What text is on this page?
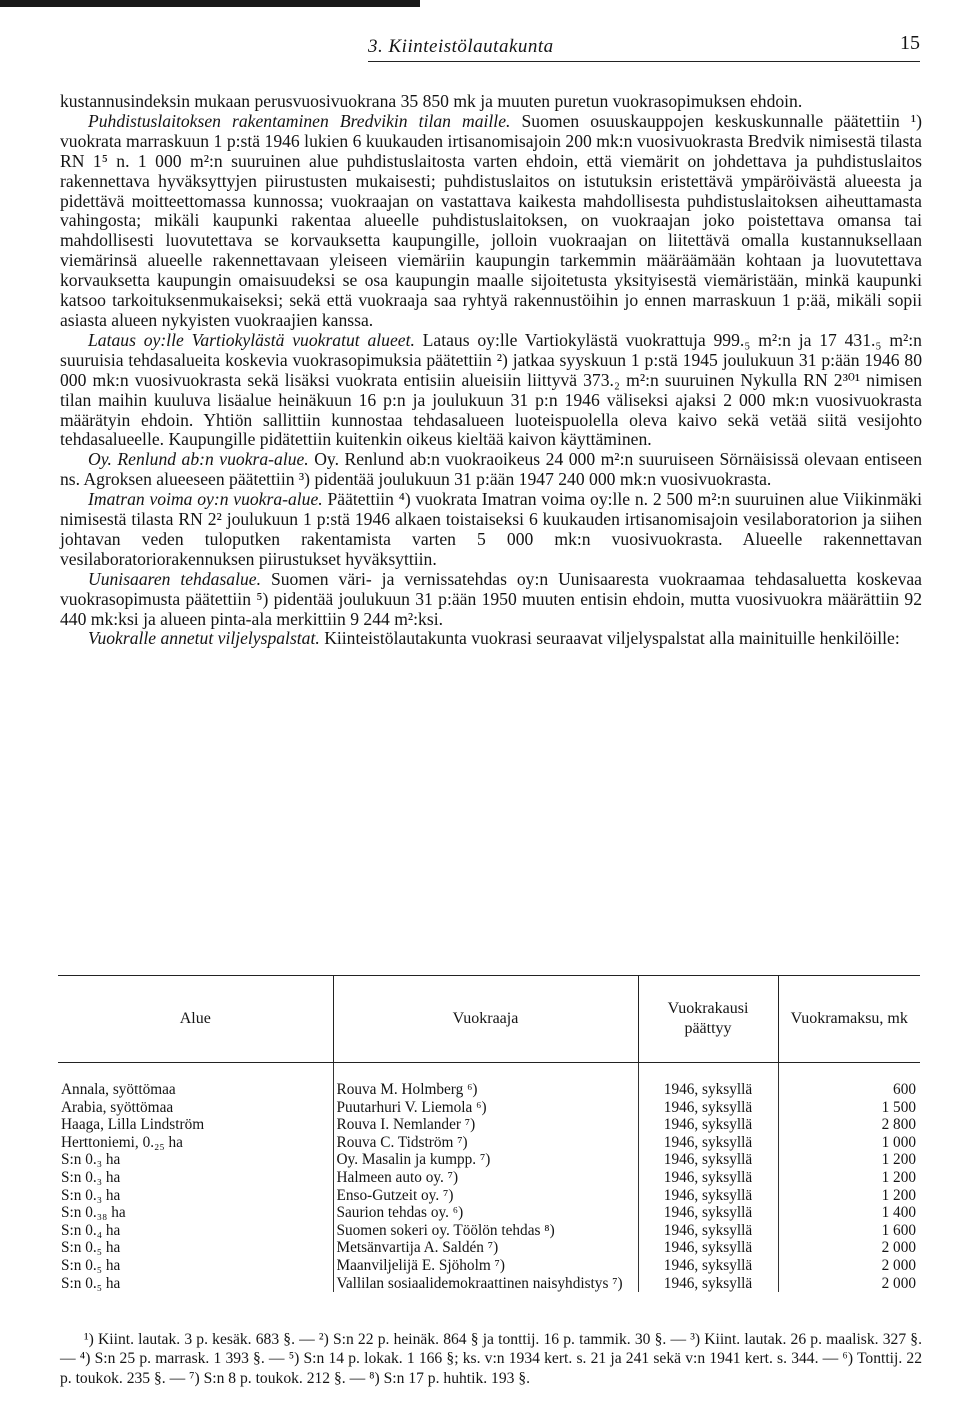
3. Kiinteistölautakunta	15

kustannusindeksin mukaan perusvuosivuokrana 35 850 mk ja muuten puretun vuokrasopimuksen ehdoin.

Puhdistuslaitoksen rakentaminen Bredvikin tilan maille. Suomen osuuskauppojen keskuskunnalle päätettiin ¹) vuokrata marraskuun 1 p:stä 1946 lukien 6 kuukauden irtisanomisajoin 200 mk:n vuosivuokrasta Bredvik nimisestä tilasta RN 1⁵ n. 1 000 m²:n suuruinen alue puhdistuslaitosta varten ehdoin, että viemärit on johdettava ja puhdistuslaitos rakennettava hyväksyttyjen piirustusten mukaisesti; puhdistuslaitos on istutuksin eristettävä ympäröivästä alueesta ja pidettävä moitteettomassa kunnossa; vuokraajan on vastattava kaikesta mahdollisesta puhdistuslaitoksen aiheuttamasta vahingosta; mikäli kaupunki rakentaa alueelle puhdistuslaitoksen, on vuokraajan joko poistettava omansa tai mahdollisesti luovutettava se korvauksetta kaupungille, jolloin vuokraajan on liitettävä omalla kustannuksellaan viemärinsä alueelle rakennettavaan yleiseen viemäriin kaupungin tarkemmin määräämään kohtaan ja luovutettava korvauksetta kaupungin omaisuudeksi se osa kaupungin maalle sijoitetusta yksityisestä viemäristään, minkä kaupunki katsoo tarkoituksenmukaiseksi; sekä että vuokraaja saa ryhtyä rakennustöihin jo ennen marraskuun 1 p:ää, mikäli sopii asiasta alueen nykyisten vuokraajien kanssa.

Lataus oy:lle Vartiokylästä vuokratut alueet. Lataus oy:lle Vartiokylästä vuokrattuja 999.₅ m²:n ja 17 431.₅ m²:n suuruisia tehdasalueita koskevia vuokrasopimuksia päätettiin ²) jatkaa syyskuun 1 p:stä 1945 joulukuun 31 p:ään 1946 80 000 mk:n vuosivuokrasta sekä lisäksi vuokrata entisiin alueisiin liittyvä 373.₂ m²:n suuruinen Nykulla RN 2³⁰¹ nimisen tilan maihin kuuluva lisäalue heinäkuun 16 p:n ja joulukuun 31 p:n 1946 väliseksi ajaksi 2 000 mk:n vuosivuokrasta määrätyin ehdoin. Yhtiön sallittiin kunnostaa tehdasalueen luoteispuolella oleva kaivo sekä vetää siitä vesijohto tehdasalueelle. Kaupungille pidätettiin kuitenkin oikeus kieltää kaivon käyttäminen.

Oy. Renlund ab:n vuokra-alue. Oy. Renlund ab:n vuokraoikeus 24 000 m²:n suuruiseen Sörnäisissä olevaan entiseen ns. Agroksen alueeseen päätettiin ³) pidentää joulukuun 31 p:ään 1947 240 000 mk:n vuosivuokrasta.

Imatran voima oy:n vuokra-alue. Päätettiin ⁴) vuokrata Imatran voima oy:lle n. 2 500 m²:n suuruinen alue Viikinmäki nimisestä tilasta RN 2² joulukuun 1 p:stä 1946 alkaen toistaiseksi 6 kuukauden irtisanomisajoin vesilaboratorion ja siihen johtavan veden tuloputken rakentamista varten 5 000 mk:n vuosivuokrasta. Alueelle rakennettavan vesilaboratoriorakennuksen piirustukset hyväksyttiin.

Uunisaaren tehdasalue. Suomen väri- ja vernissatehdas oy:n Uunisaaresta vuokraamaa tehdasaluetta koskevaa vuokrasopimusta päätettiin ⁵) pidentää joulukuun 31 p:ään 1950 muuten entisin ehdoin, mutta vuosivuokra määrättiin 92 440 mk:ksi ja alueen pinta-ala merkittiin 9 244 m²:ksi.

Vuokralle annetut viljelyspalstat. Kiinteistölautakunta vuokrasi seuraavat viljelyspalstat alla mainituille henkilöille:

Alue	Vuokraaja	Vuokrakausi päättyy	Vuokramaksu, mk
Annala, syöttömaa	Rouva M. Holmberg ⁶)	1946, syksyllä	600
Arabia, syöttömaa	Puutarhuri V. Liemola ⁶)	1946, syksyllä	1 500
Haaga, Lilla Lindström	Rouva I. Nemlander ⁷)	1946, syksyllä	2 800
Herttoniemi, 0.₂₅ ha	Rouva C. Tidström ⁷)	1946, syksyllä	1 000
S:n 0.₃ ha	Oy. Masalin ja kumpp. ⁷)	1946, syksyllä	1 200
S:n 0.₃ ha	Halmeen auto oy. ⁷)	1946, syksyllä	1 200
S:n 0.₃ ha	Enso-Gutzeit oy. ⁷)	1946, syksyllä	1 200
S:n 0.₃₈ ha	Saurion tehdas oy. ⁶)	1946, syksyllä	1 400
S:n 0.₄ ha	Suomen sokeri oy. Töölön tehdas ⁸)	1946, syksyllä	1 600
S:n 0.₅ ha	Metsänvartija A. Saldén ⁷)	1946, syksyllä	2 000
S:n 0.₅ ha	Maanviljelijä E. Sjöholm ⁷)	1946, syksyllä	2 000
S:n 0.₅ ha	Vallilan sosiaalidemokraattinen naisyhdistys ⁷)	1946, syksyllä	2 000

¹) Kiint. lautak. 3 p. kesäk. 683 §. — ²) S:n 22 p. heinäk. 864 § ja tonttij. 16 p. tammik. 30 §. — ³) Kiint. lautak. 26 p. maalisk. 327 §. — ⁴) S:n 25 p. marrask. 1 393 §. — ⁵) S:n 14 p. lokak. 1 166 §; ks. v:n 1934 kert. s. 21 ja 241 sekä v:n 1941 kert. s. 344. — ⁶) Tonttij. 22 p. toukok. 235 §. — ⁷) S:n 8 p. toukok. 212 §. — ⁸) S:n 17 p. huhtik. 193 §.
